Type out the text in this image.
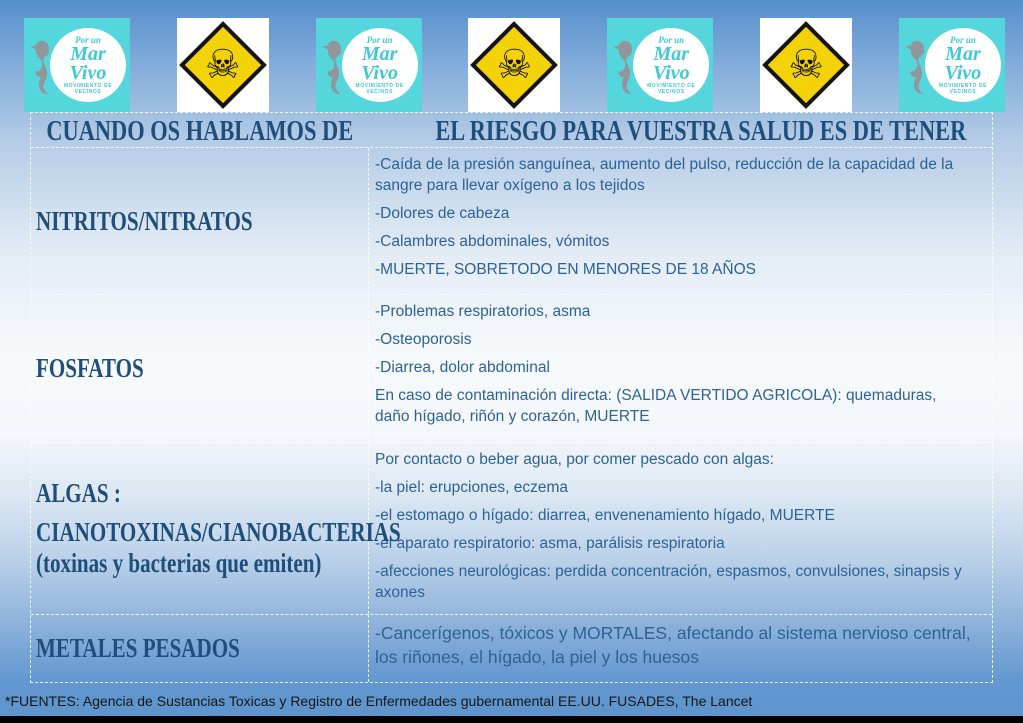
Por un
Mar
Vivo
MOVIMIENTO DE
VECINOS
☠
Por un
Mar
Vivo
MOVIMIENTO DE
VECINOS
☠
Por un
Mar
Vivo
MOVIMIENTO DE
VECINOS
☠
Por un
Mar
Vivo
MOVIMIENTO DE
VECINOS
CUANDO OS HABLAMOS DE	EL RIESGO PARA VUESTRA SALUD ES DE TENER
NITRITOS/NITRATOS

-Caída de la presión sanguínea, aumento del pulso, reducción de la capacidad de la sangre para llevar oxígeno a los tejidos

-Dolores de cabeza

-Calambres abdominales, vómitos

-MUERTE, SOBRETODO EN MENORES DE 18 AÑOS

FOSFATOS

-Problemas respiratorios, asma

-Osteoporosis

-Diarrea, dolor abdominal

En caso de contaminación directa: (SALIDA VERTIDO AGRICOLA): quemaduras, daño hígado, riñón y corazón, MUERTE

ALGAS :
CIANOTOXINAS/CIANOBACTERIAS
(toxinas y bacterias que emiten)

Por contacto o beber agua, por comer pescado con algas:

-la piel: erupciones, eczema

-el estomago o hígado: diarrea, envenenamiento hígado, MUERTE

-el aparato respiratorio: asma, parálisis respiratoria

-afecciones neurológicas: perdida concentración, espasmos, convulsiones, sinapsis y axones

METALES PESADOS	-Cancerígenos, tóxicos y MORTALES, afectando al sistema nervioso central, los riñones, el hígado, la piel y los huesos

*FUENTES: Agencia de Sustancias Toxicas y Registro de Enfermedades gubernamental EE.UU. FUSADES, The Lancet
